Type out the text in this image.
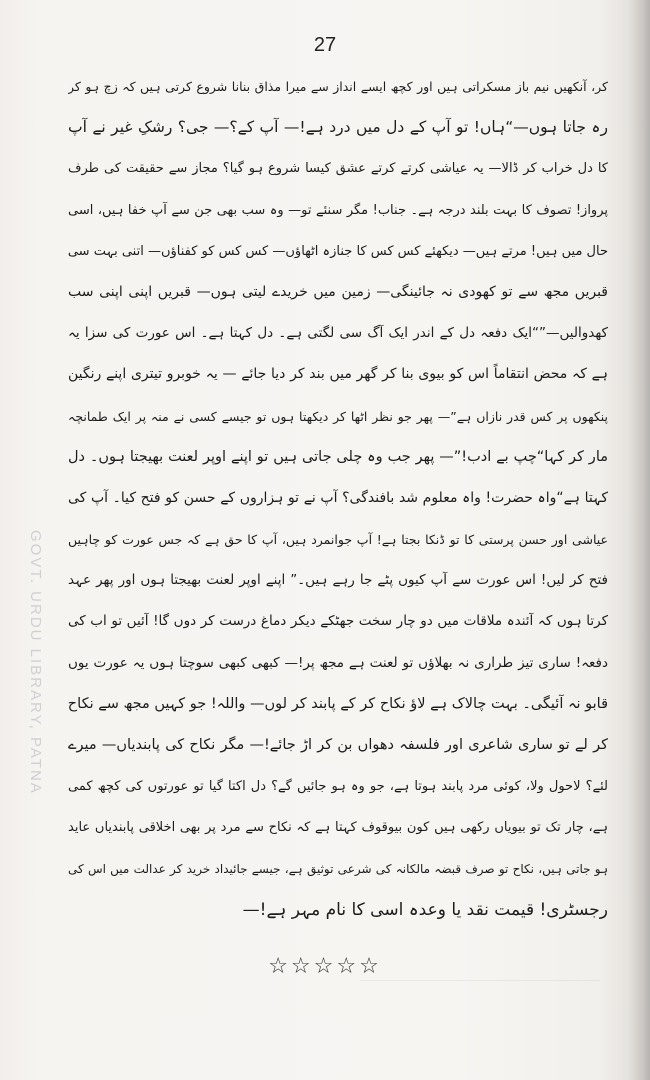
27
کر، آنکھیں نیم باز مسکراتی ہیں اور کچھ ایسے انداز سے میرا مذاق بنانا شروع کرتی ہیں کہ زچ ہو کر
رہ جاتا ہوں—“ہاں! تو آپ کے دل میں درد ہے!— آپ کے؟— جی؟ رشکِ غیر نے آپ
کا دل خراب کر ڈالا— یہ عیاشی کرتے کرتے عشق کیسا شروع ہو گیا؟ مجاز سے حقیقت کی طرف
پرواز! تصوف کا بہت بلند درجہ ہے۔ جناب! مگر سنئے تو— وہ سب بھی جن سے آپ خفا ہیں، اسی
حال میں ہیں! مرتے ہیں— دیکھئے کس کس کا جنازہ اٹھاؤں— کس کس کو کفناؤں— اتنی بہت سی
قبریں مجھ سے تو کھودی نہ جائینگی— زمین میں خریدے لیتی ہوں— قبریں اپنی اپنی سب
کھدوالیں—”“ایک دفعہ دل کے اندر ایک آگ سی لگتی ہے۔ دل کہتا ہے۔ اس عورت کی سزا یہ
ہے کہ محض انتقاماً اس کو بیوی بنا کر گھر میں بند کر دیا جائے — یہ خوبرو تیتری اپنے رنگین
پنکھوں پر کس قدر نازاں ہے”— پھر جو نظر اٹھا کر دیکھتا ہوں تو جیسے کسی نے منہ پر ایک طمانچہ
مار کر کہا“چپ بے ادب!”— پھر جب وہ چلی جاتی ہیں تو اپنے اوپر لعنت بھیجتا ہوں۔ دل
کہتا ہے“واہ حضرت! واہ معلوم شد بافندگی؟ آپ نے تو ہزاروں کے حسن کو فتح کیا۔ آپ کی
عیاشی اور حسن پرستی کا تو ڈنکا بجتا ہے! آپ جوانمرد ہیں، آپ کا حق ہے کہ جس عورت کو چاہیں
فتح کر لیں! اس عورت سے آپ کیوں پٹے جا رہے ہیں۔” اپنے اوپر لعنت بھیجتا ہوں اور پھر عہد
کرتا ہوں کہ آئندہ ملاقات میں دو چار سخت جھٹکے دیکر دماغ درست کر دوں گا! آئیں تو اب کی
دفعہ! ساری تیز طراری نہ بھلاؤں تو لعنت ہے مجھ پر!— کبھی کبھی سوچتا ہوں یہ عورت یوں
قابو نہ آئیگی۔ بہت چالاک ہے لاؤ نکاح کر کے پابند کر لوں— واللہ! جو کہیں مجھ سے نکاح
کر لے تو ساری شاعری اور فلسفہ دھواں بن کر اڑ جائے!— مگر نکاح کی پابندیاں— میرے
لئے؟ لاحول ولا، کوئی مرد پابند ہوتا ہے، جو وہ ہو جائیں گے؟ دل اکتا گیا تو عورتوں کی کچھ کمی
ہے، چار تک تو بیویاں رکھی ہیں کون بیوقوف کہتا ہے کہ نکاح سے مرد پر بھی اخلاقی پابندیاں عاید
ہو جاتی ہیں، نکاح تو صرف قبضہ مالکانہ کی شرعی توثیق ہے، جیسے جائیداد خرید کر عدالت میں اس کی
رجسٹری! قیمت نقد یا وعدہ اسی کا نام مہر ہے!—
☆☆☆☆☆
GOVT. URDU LIBRARY, PATNA
